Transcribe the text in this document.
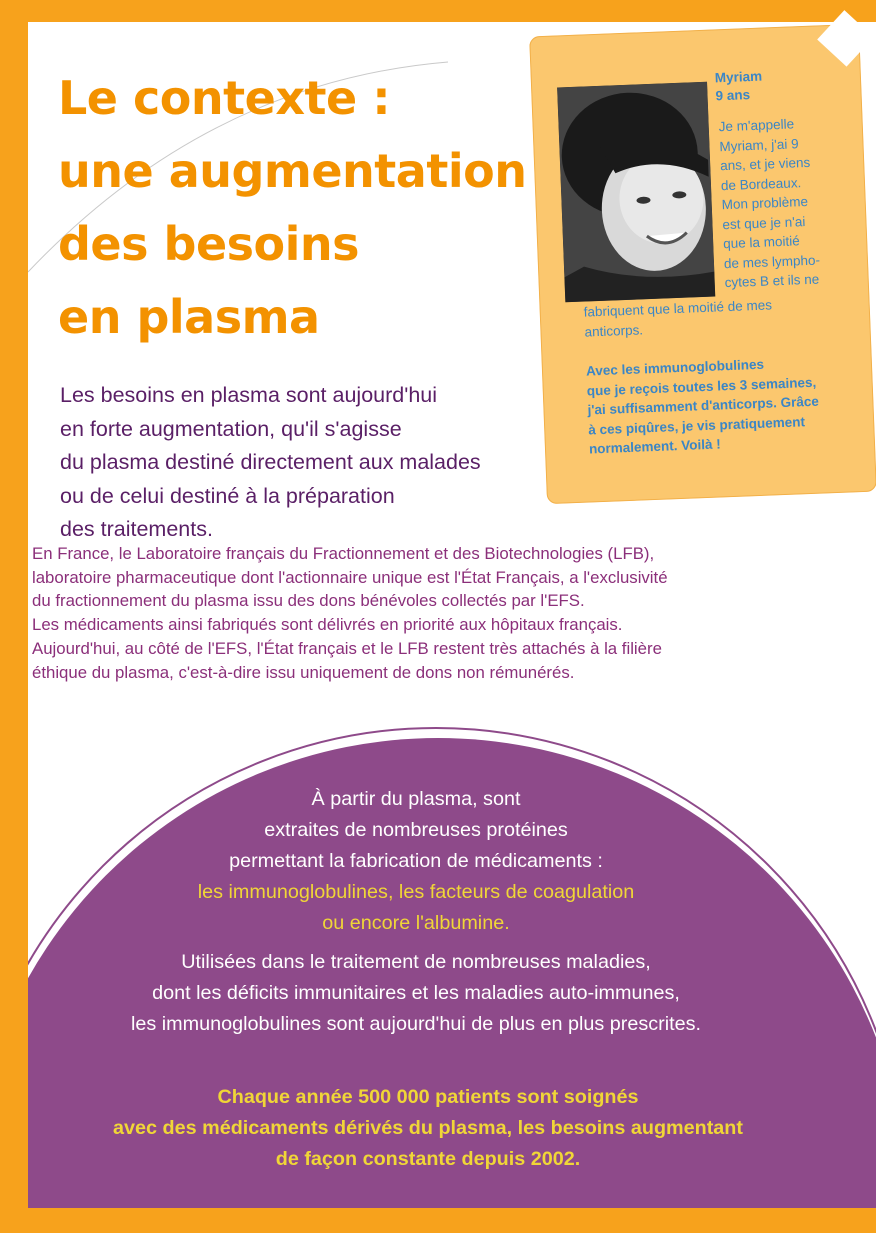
Le contexte :
une augmentation
des besoins
en plasma

Les besoins en plasma sont aujourd'hui
en forte augmentation, qu'il s'agisse
du plasma destiné directement aux malades
ou de celui destiné à la préparation
des traitements.

En France, le Laboratoire français du Fractionnement et des Biotechnologies (LFB),
laboratoire pharmaceutique dont l'actionnaire unique est l'État Français, a l'exclusivité
du fractionnement du plasma issu des dons bénévoles collectés par l'EFS.
Les médicaments ainsi fabriqués sont délivrés en priorité aux hôpitaux français.
Aujourd'hui, au côté de l'EFS, l'État français et le LFB restent très attachés à la filière
éthique du plasma, c'est-à-dire issu uniquement de dons non rémunérés.

À partir du plasma, sont
extraites de nombreuses protéines
permettant la fabrication de médicaments :
les immunoglobulines, les facteurs de coagulation
ou encore l'albumine.

Utilisées dans le traitement de nombreuses maladies,
dont les déficits immunitaires et les maladies auto-immunes,
les immunoglobulines sont aujourd'hui de plus en plus prescrites.

Chaque année 500 000 patients sont soignés
avec des médicaments dérivés du plasma, les besoins augmentant
de façon constante depuis 2002.

Myriam
9 ans

Je m'appelle
Myriam, j'ai 9
ans, et je viens
de Bordeaux.
Mon problème
est que je n'ai
que la moitié
de mes lympho-
cytes B et ils ne

fabriquent que la moitié de mes
anticorps.

Avec les immunoglobulines
que je reçois toutes les 3 semaines,
j'ai suffisamment d'anticorps. Grâce
à ces piqûres, je vis pratiquement
normalement. Voilà !
